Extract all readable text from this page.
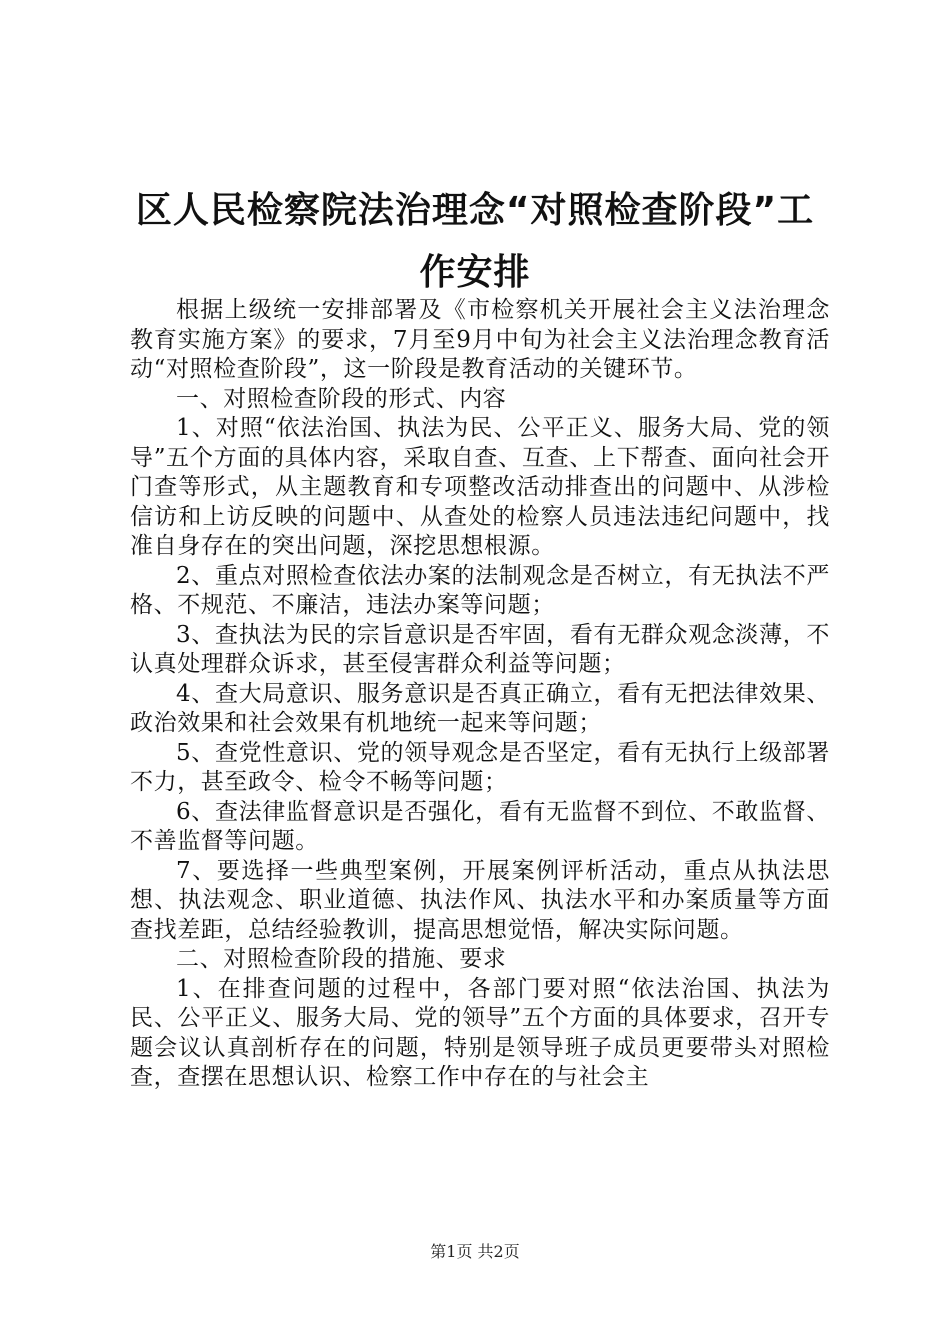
区人民检察院法治理念“对照检查阶段”工作安排

根据上级统一安排部署及《市检察机关开展社会主义法治理念教育实施方案》的要求，7月至9月中旬为社会主义法治理念教育活动“对照检查阶段”，这一阶段是教育活动的关键环节。

一、对照检查阶段的形式、内容

1、对照“依法治国、执法为民、公平正义、服务大局、党的领导”五个方面的具体内容，采取自查、互查、上下帮查、面向社会开门查等形式，从主题教育和专项整改活动排查出的问题中、从涉检信访和上访反映的问题中、从查处的检察人员违法违纪问题中，找准自身存在的突出问题，深挖思想根源。

2、重点对照检查依法办案的法制观念是否树立，有无执法不严格、不规范、不廉洁，违法办案等问题；

3、查执法为民的宗旨意识是否牢固，看有无群众观念淡薄，不认真处理群众诉求，甚至侵害群众利益等问题；

4、查大局意识、服务意识是否真正确立，看有无把法律效果、政治效果和社会效果有机地统一起来等问题；

5、查党性意识、党的领导观念是否坚定，看有无执行上级部署不力，甚至政令、检令不畅等问题；

6、查法律监督意识是否强化，看有无监督不到位、不敢监督、不善监督等问题。

7、要选择一些典型案例，开展案例评析活动，重点从执法思想、执法观念、职业道德、执法作风、执法水平和办案质量等方面查找差距，总结经验教训，提高思想觉悟，解决实际问题。

二、对照检查阶段的措施、要求

1、在排查问题的过程中，各部门要对照“依法治国、执法为民、公平正义、服务大局、党的领导”五个方面的具体要求，召开专题会议认真剖析存在的问题，特别是领导班子成员更要带头对照检查，查摆在思想认识、检察工作中存在的与社会主

第1页 共2页
